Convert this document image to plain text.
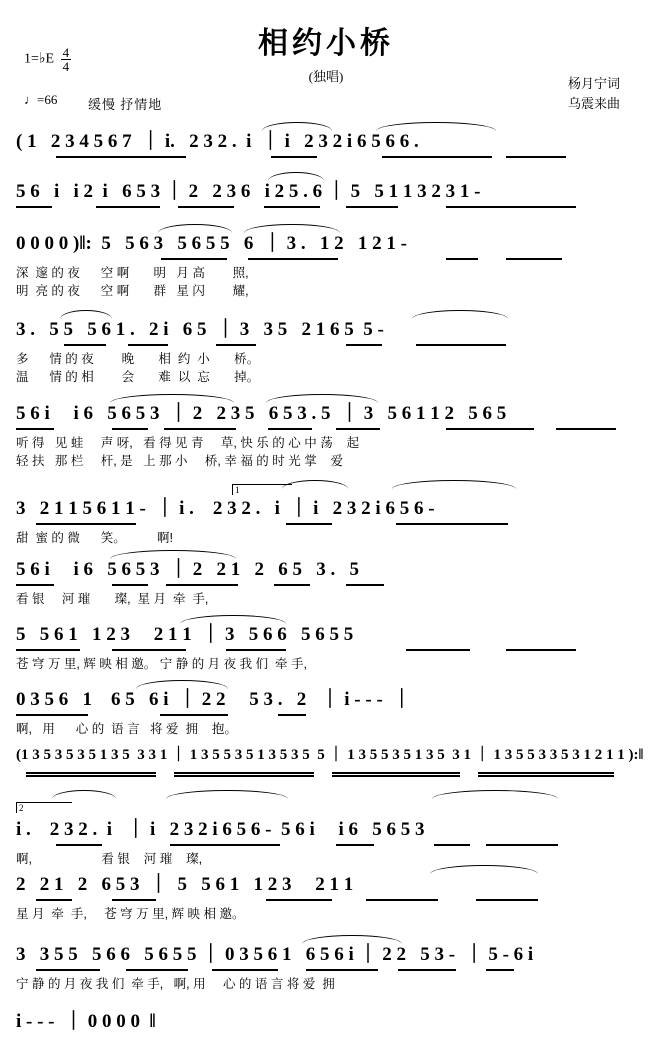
相约小桥
(独唱)
1=♭E $\frac{4}{4}$
♩=66 缓慢 抒情地
杨月宁词
乌震来曲
( 1   2 3 4 5 6 7  ｜ i.   2 3 2 .  i  ｜ i   2 3 2 i 6 5 6 6 .
5 6   i   i 2  i   6 5 3 ｜ 2   2 3 6   i 2 5 . 6 ｜ 5   5 1 1 3 2 3 1 -
0 0 0 0 )‖:  5   5 6 3   5 6 5 5   6  ｜ 3 .   1 2   1 2 1 -
深  邃 的 夜      空 啊       明   月 高        照,
明  亮 的 夜      空 啊       群   星 闪        耀,
3 .   5 5   5 6 1 .   2 i   6 5  ｜ 3   3 5   2 1 6 5  5 -
多      情 的 夜        晚       相  约  小       桥。
温      情 的 相        会       难  以  忘       掉。
5 6 i     i 6   5 6 5 3  ｜ 2   2 3 5   6 5 3 . 5  ｜ 3   5 6 1 1 2   5 6 5
听 得   见 蛙     声 呀,   看 得 见 青     草, 快 乐 的 心 中 荡    起
轻 扶   那 栏     杆, 是   上 那 小     桥, 幸 福 的 时 光 掌    爱
1
3   2 1 1 5 6 1 1 -  ｜ i .    2 3 2 .   i  ｜ i   2 3 2 i 6 5 6 -
甜  蜜 的 微      笑。         啊!
5 6 i     i 6   5 6 5 3  ｜ 2   2 1   2   6 5   3 .   5
看 银     河 璀       璨,  星 月  牵  手,
5   5 6 1   1 2 3     2 1 1  ｜ 3   5 6 6   5 6 5 5
苍 穹 万 里, 辉 映 相 邀。 宁 静 的 月 夜 我 们  牵 手,
0 3 5 6   1    6 5   6 i  ｜ 2 2     5 3 .   2   ｜ i - - -  ｜
啊,   用      心 的  语 言   将 爱  拥    抱。
(1 3 5 3 5 3 5 1 3 5  3 3 1 ｜ 1 3 5 5 3 5 1 3 5 3 5  5 ｜ 1 3 5 5 3 5 1 3 5  3 1 ｜ 1 3 5 5 3 3 5 3 1 2 1 1 ):‖
2
i .    2 3 2 .  i   ｜ i   2 3 2 i 6 5 6 -  5 6 i     i 6   5 6 5 3
啊,                    看 银    河 璀    璨,
2   2 1   2   6 5 3  ｜  5   5 6 1   1 2 3     2 1 1
星 月  牵  手,     苍 穹 万 里, 辉 映 相 邀。
3   3 5 5   5 6 6   5 6 5 5 ｜ 0 3 5 6 1   6 5 6 i ｜ 2 2   5 3 -  ｜ 5 - 6 i
宁 静 的 月 夜 我 们  牵 手,   啊, 用     心 的 语 言 将 爱  拥
i - - -  ｜ 0 0 0 0  ‖
